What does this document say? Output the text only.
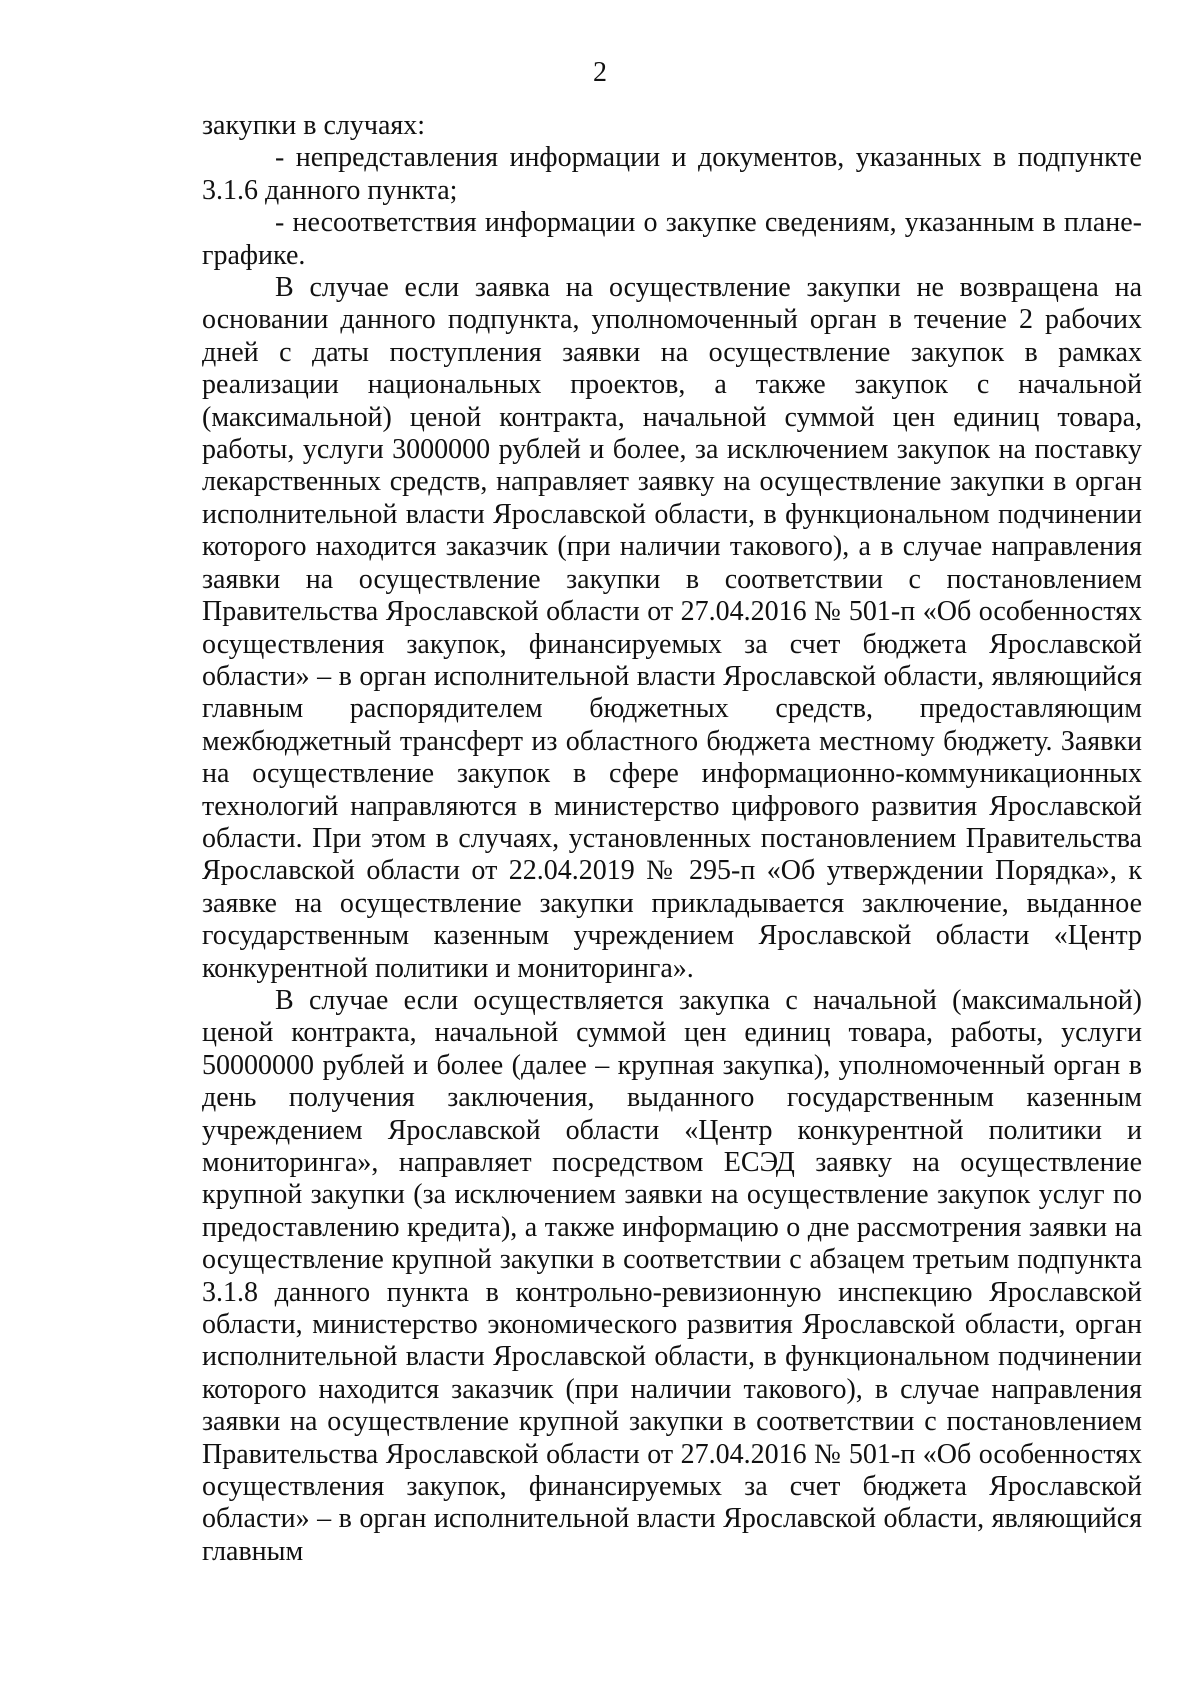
2

закупки в случаях:

- непредставления информации и документов, указанных в подпункте 3.1.6 данного пункта;

- несоответствия информации о закупке сведениям, указанным в плане-графике.

В случае если заявка на осуществление закупки не возвращена на основании данного подпункта, уполномоченный орган в течение 2 рабочих дней с даты поступления заявки на осуществление закупок в рамках реализации национальных проектов, а также закупок с начальной (максимальной) ценой контракта, начальной суммой цен единиц товара, работы, услуги 3000000 рублей и более, за исключением закупок на поставку лекарственных средств, направляет заявку на осуществление закупки в орган исполнительной власти Ярославской области, в функциональном подчинении которого находится заказчик (при наличии такового), а в случае направления заявки на осуществление закупки в соответствии с постановлением Правительства Ярославской области от 27.04.2016 № 501-п «Об особенностях осуществления закупок, финансируемых за счет бюджета Ярославской области» – в орган исполнительной власти Ярославской области, являющийся главным распорядителем бюджетных средств, предоставляющим межбюджетный трансферт из областного бюджета местному бюджету. Заявки на осуществление закупок в сфере информационно-коммуникационных технологий направляются в министерство цифрового развития Ярославской области. При этом в случаях, установленных постановлением Правительства Ярославской области от 22.04.2019 № 295-п «Об утверждении Порядка», к заявке на осуществление закупки прикладывается заключение, выданное государственным казенным учреждением Ярославской области «Центр конкурентной политики и мониторинга».

В случае если осуществляется закупка с начальной (максимальной) ценой контракта, начальной суммой цен единиц товара, работы, услуги 50000000 рублей и более (далее – крупная закупка), уполномоченный орган в день получения заключения, выданного государственным казенным учреждением Ярославской области «Центр конкурентной политики и мониторинга», направляет посредством ЕСЭД заявку на осуществление крупной закупки (за исключением заявки на осуществление закупок услуг по предоставлению кредита), а также информацию о дне рассмотрения заявки на осуществление крупной закупки в соответствии с абзацем третьим подпункта 3.1.8 данного пункта в контрольно-ревизионную инспекцию Ярославской области, министерство экономического развития Ярославской области, орган исполнительной власти Ярославской области, в функциональном подчинении которого находится заказчик (при наличии такового), в случае направления заявки на осуществление крупной закупки в соответствии с постановлением Правительства Ярославской области от 27.04.2016 № 501-п «Об особенностях осуществления закупок, финансируемых за счет бюджета Ярославской области» – в орган исполнительной власти Ярославской области, являющийся главным
